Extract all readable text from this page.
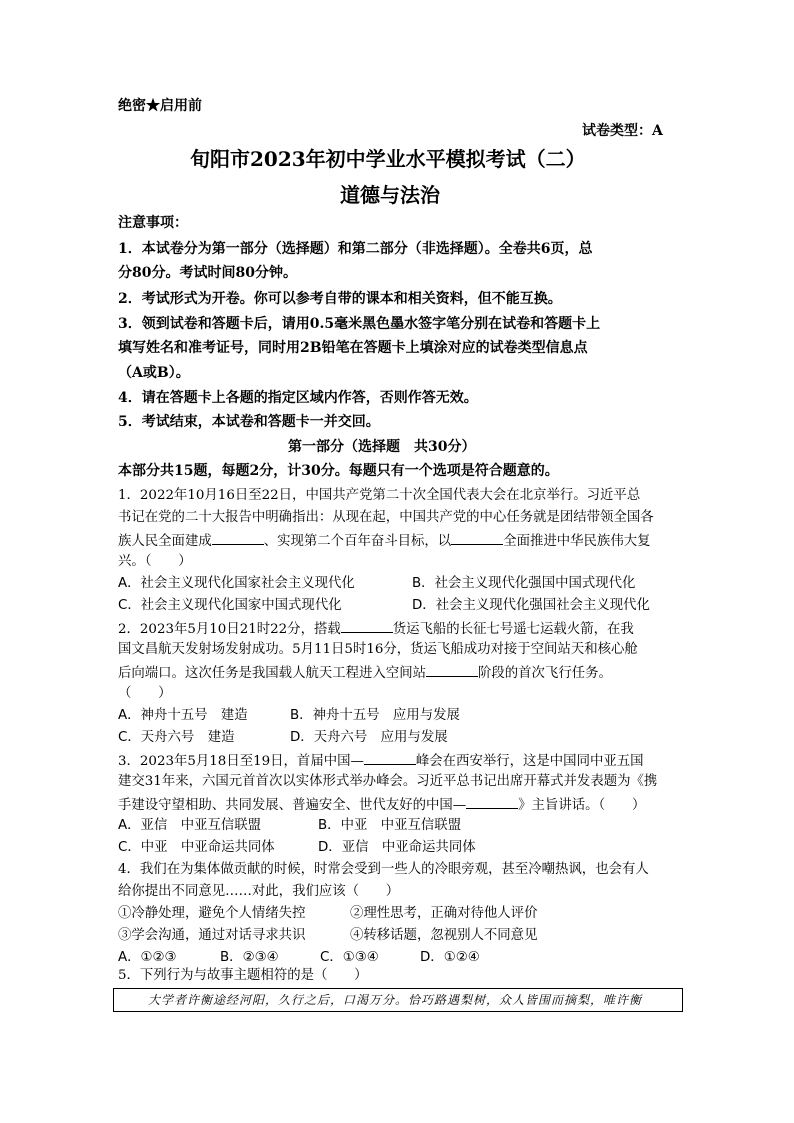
绝密★启用前
试卷类型：A
旬阳市2023年初中学业水平模拟考试（二）
道德与法治
注意事项：
1．本试卷分为第一部分（选择题）和第二部分（非选择题）。全卷共6页，总
分80分。考试时间80分钟。
2．考试形式为开卷。你可以参考自带的课本和相关资料，但不能互换。
3．领到试卷和答题卡后，请用0.5毫米黑色墨水签字笔分别在试卷和答题卡上
填写姓名和准考证号，同时用2B铅笔在答题卡上填涂对应的试卷类型信息点
（A或B）。
4．请在答题卡上各题的指定区域内作答，否则作答无效。
5．考试结束，本试卷和答题卡一并交回。
第一部分（选择题　共30分）
本部分共15题，每题2分，计30分。每题只有一个选项是符合题意的。
1．2022年10月16日至22日，中国共产党第二十次全国代表大会在北京举行。习近平总
书记在党的二十大报告中明确指出：从现在起，中国共产党的中心任务就是团结带领全国各
族人民全面建成	、实现第二个百年奋斗目标，以	全面推进中华民族伟大复
兴。（　　）
A．社会主义现代化国家社会主义现代化	B．社会主义现代化强国中国式现代化
C．社会主义现代化国家中国式现代化	D．社会主义现代化强国社会主义现代化
2．2023年5月10日21时22分，搭载	货运飞船的长征七号遥七运载火箭，在我
国文昌航天发射场发射成功。5月11日5时16分，货运飞船成功对接于空间站天和核心舱
后向端口。这次任务是我国载人航天工程进入空间站	阶段的首次飞行任务。
（　　）
A．神舟十五号　建造	B．神舟十五号　应用与发展
C．天舟六号　建造	D．天舟六号　应用与发展
3．2023年5月18日至19日，首届中国—	峰会在西安举行，这是中国同中亚五国
建交31年来，六国元首首次以实体形式举办峰会。习近平总书记出席开幕式并发表题为《携
手建设守望相助、共同发展、普遍安全、世代友好的中国—	》主旨讲话。（　　）
A．亚信　中亚互信联盟	B．中亚　中亚互信联盟
C．中亚　中亚命运共同体	D．亚信　中亚命运共同体
4．我们在为集体做贡献的时候，时常会受到一些人的冷眼旁观，甚至冷嘲热讽，也会有人
给你提出不同意见……对此，我们应该（　　）
①冷静处理，避免个人情绪失控	②理性思考，正确对待他人评价
③学会沟通，通过对话寻求共识	④转移话题，忽视别人不同意见
A．①②③	B．②③④	C．①③④	D．①②④
5．下列行为与故事主题相符的是（　　）
大学者许衡途经河阳，久行之后，口渴万分。恰巧路遇梨树，众人皆围而摘梨，唯许衡
